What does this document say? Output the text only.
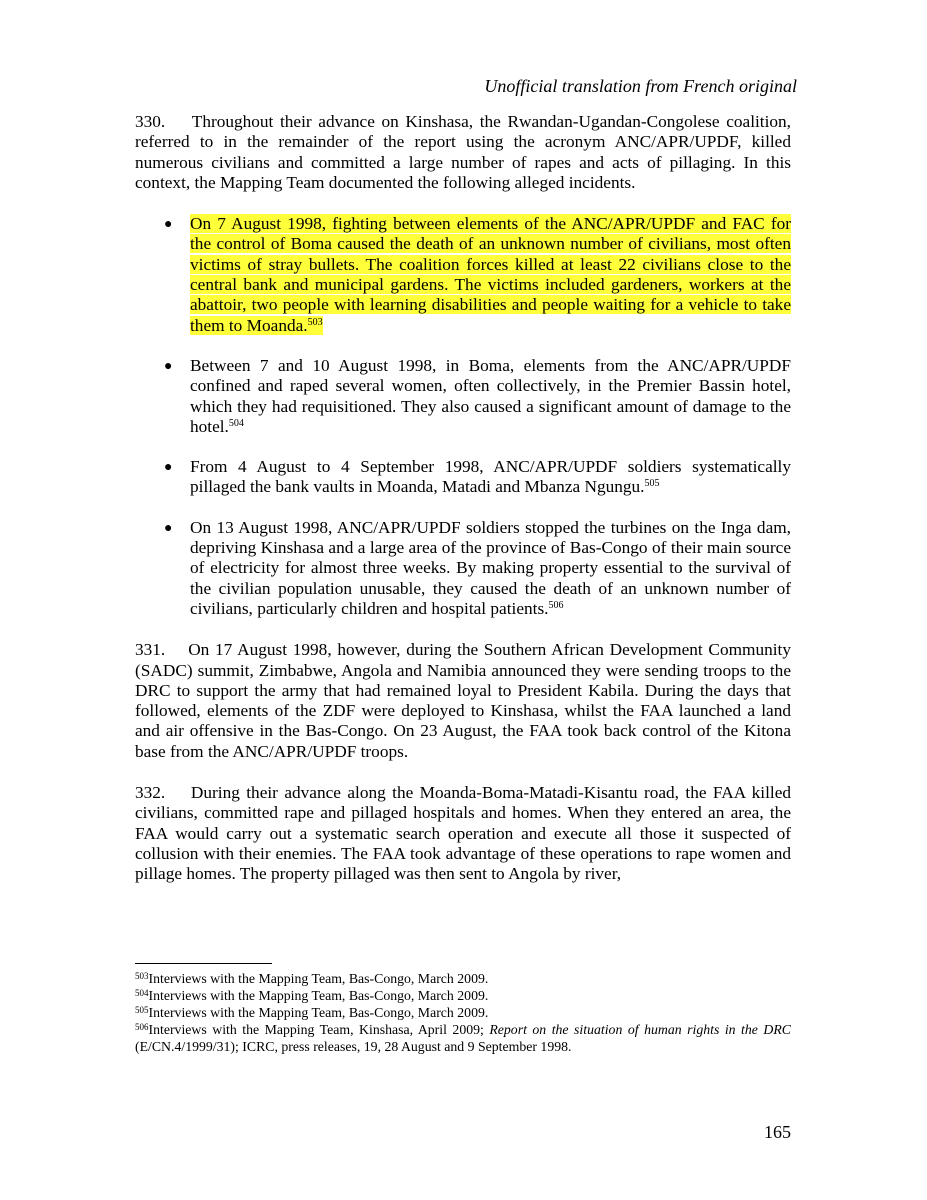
Unofficial translation from French original

330. Throughout their advance on Kinshasa, the Rwandan-Ugandan-Congolese coalition, referred to in the remainder of the report using the acronym ANC/APR/UPDF, killed numerous civilians and committed a large number of rapes and acts of pillaging. In this context, the Mapping Team documented the following alleged incidents.

● On 7 August 1998, fighting between elements of the ANC/APR/UPDF and FAC for the control of Boma caused the death of an unknown number of civilians, most often victims of stray bullets. The coalition forces killed at least 22 civilians close to the central bank and municipal gardens. The victims included gardeners, workers at the abattoir, two people with learning disabilities and people waiting for a vehicle to take them to Moanda.$^{503}$
● Between 7 and 10 August 1998, in Boma, elements from the ANC/APR/UPDF confined and raped several women, often collectively, in the Premier Bassin hotel, which they had requisitioned. They also caused a significant amount of damage to the hotel.$^{504}$
● From 4 August to 4 September 1998, ANC/APR/UPDF soldiers systematically pillaged the bank vaults in Moanda, Matadi and Mbanza Ngungu.$^{505}$
● On 13 August 1998, ANC/APR/UPDF soldiers stopped the turbines on the Inga dam, depriving Kinshasa and a large area of the province of Bas-Congo of their main source of electricity for almost three weeks. By making property essential to the survival of the civilian population unusable, they caused the death of an unknown number of civilians, particularly children and hospital patients.$^{506}$

331. On 17 August 1998, however, during the Southern African Development Community (SADC) summit, Zimbabwe, Angola and Namibia announced they were sending troops to the DRC to support the army that had remained loyal to President Kabila. During the days that followed, elements of the ZDF were deployed to Kinshasa, whilst the FAA launched a land and air offensive in the Bas-Congo. On 23 August, the FAA took back control of the Kitona base from the ANC/APR/UPDF troops.

332. During their advance along the Moanda-Boma-Matadi-Kisantu road, the FAA killed civilians, committed rape and pillaged hospitals and homes. When they entered an area, the FAA would carry out a systematic search operation and execute all those it suspected of collusion with their enemies. The FAA took advantage of these operations to rape women and pillage homes. The property pillaged was then sent to Angola by river,

$^{503}$Interviews with the Mapping Team, Bas-Congo, March 2009.
$^{504}$Interviews with the Mapping Team, Bas-Congo, March 2009.
$^{505}$Interviews with the Mapping Team, Bas-Congo, March 2009.
$^{506}$Interviews with the Mapping Team, Kinshasa, April 2009; Report on the situation of human rights in the DRC (E/CN.4/1999/31); ICRC, press releases, 19, 28 August and 9 September 1998.
165
